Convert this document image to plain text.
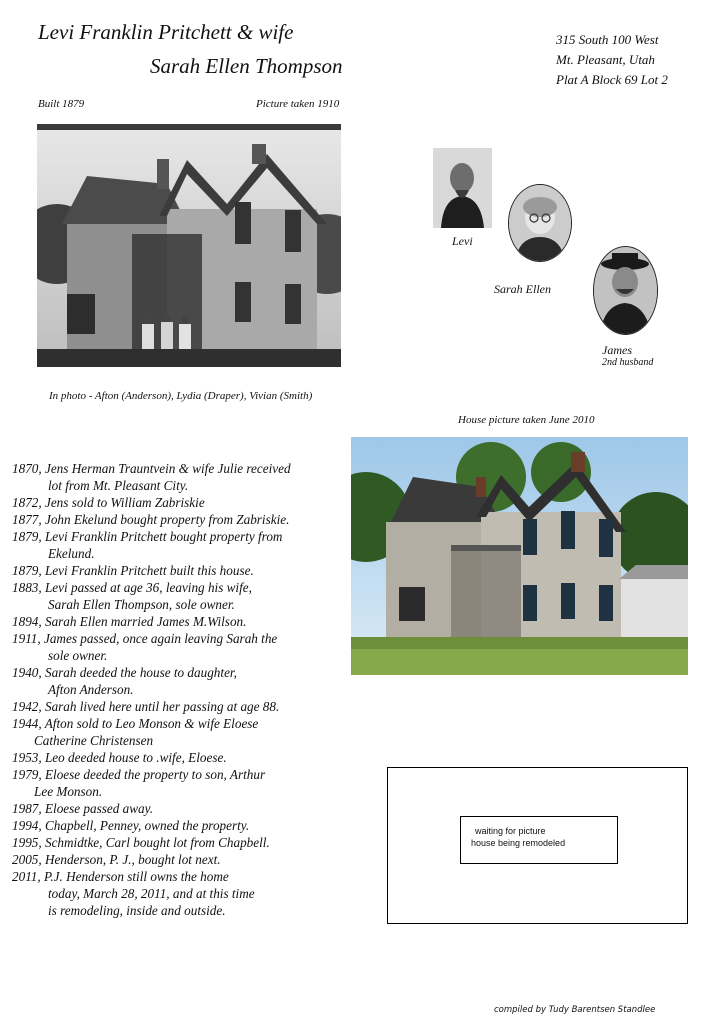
Levi Franklin Pritchett & wife
Sarah Ellen Thompson
315 South 100 West
Mt. Pleasant, Utah
Plat A Block 69 Lot 2
Built 1879	Picture taken 1910
In photo - Afton (Anderson), Lydia (Draper), Vivian (Smith)
Levi
Sarah Ellen
James
2nd husband
House picture taken June 2010
1870, Jens Herman Trauntvein & wife Julie received
lot from Mt. Pleasant City.
1872, Jens sold to William Zabriskie
1877, John Ekelund bought property from Zabriskie.
1879, Levi Franklin Pritchett bought property from
Ekelund.
1879, Levi Franklin Pritchett built this house.
1883, Levi passed at age 36, leaving his wife,
Sarah Ellen Thompson, sole owner.
1894, Sarah Ellen married James M.Wilson.
1911, James passed, once again leaving Sarah the
sole owner.
1940, Sarah deeded the house to daughter,
Afton Anderson.
1942, Sarah lived here until her passing at age 88.
1944, Afton sold to Leo Monson & wife Eloese
Catherine Christensen
1953, Leo deeded house to .wife, Eloese.
1979, Eloese deeded the property to son, Arthur
Lee Monson.
1987, Eloese passed away.
1994, Chapbell, Penney, owned the property.
1995, Schmidtke, Carl bought lot from Chapbell.
2005, Henderson, P. J., bought lot next.
2011, P.J. Henderson still owns the home
today, March 28, 2011, and at this time
is remodeling, inside and outside.
waiting for picture
house being remodeled
compiled by Tudy Barentsen Standlee
